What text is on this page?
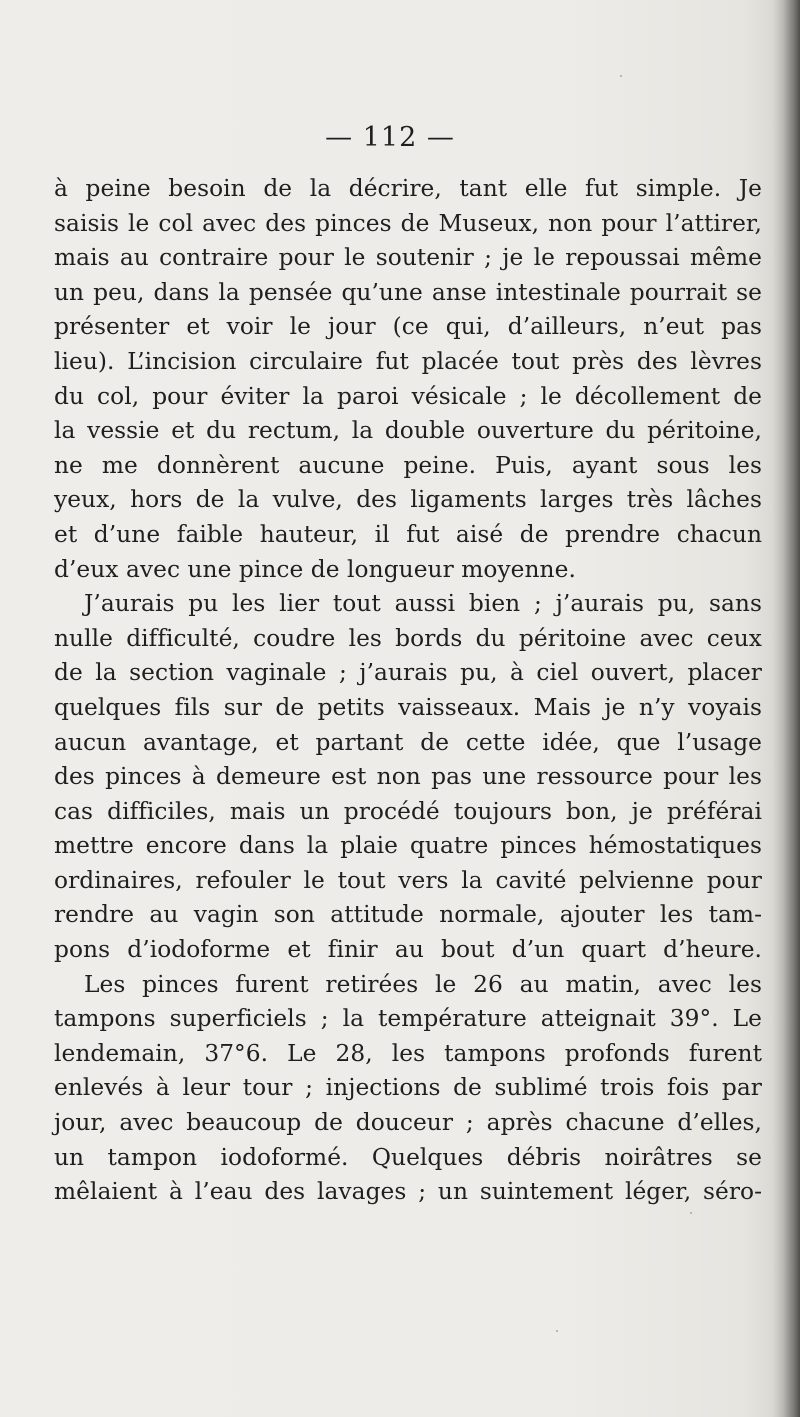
— 112 —
à peine besoin de la décrire, tant elle fut simple. Je
saisis le col avec des pinces de Museux, non pour l’attirer,
mais au contraire pour le soutenir ; je le repoussai même
un peu, dans la pensée qu’une anse intestinale pourrait se
présenter et voir le jour (ce qui, d’ailleurs, n’eut pas
lieu). L’incision circulaire fut placée tout près des lèvres
du col, pour éviter la paroi vésicale ; le décollement de
la vessie et du rectum, la double ouverture du péritoine,
ne me donnèrent aucune peine. Puis, ayant sous les
yeux, hors de la vulve, des ligaments larges très lâches
et d’une faible hauteur, il fut aisé de prendre chacun
d’eux avec une pince de longueur moyenne.
J’aurais pu les lier tout aussi bien ; j’aurais pu, sans
nulle difficulté, coudre les bords du péritoine avec ceux
de la section vaginale ; j’aurais pu, à ciel ouvert, placer
quelques fils sur de petits vaisseaux. Mais je n’y voyais
aucun avantage, et partant de cette idée, que l’usage
des pinces à demeure est non pas une ressource pour les
cas difficiles, mais un procédé toujours bon, je préférai
mettre encore dans la plaie quatre pinces hémostatiques
ordinaires, refouler le tout vers la cavité pelvienne pour
rendre au vagin son attitude normale, ajouter les tam-
pons d’iodoforme et finir au bout d’un quart d’heure.
Les pinces furent retirées le 26 au matin, avec les
tampons superficiels ; la température atteignait 39°. Le
lendemain, 37°6. Le 28, les tampons profonds furent
enlevés à leur tour ; injections de sublimé trois fois par
jour, avec beaucoup de douceur ; après chacune d’elles,
un tampon iodoformé. Quelques débris noirâtres se
mêlaient à l’eau des lavages ; un suintement léger, séro-
